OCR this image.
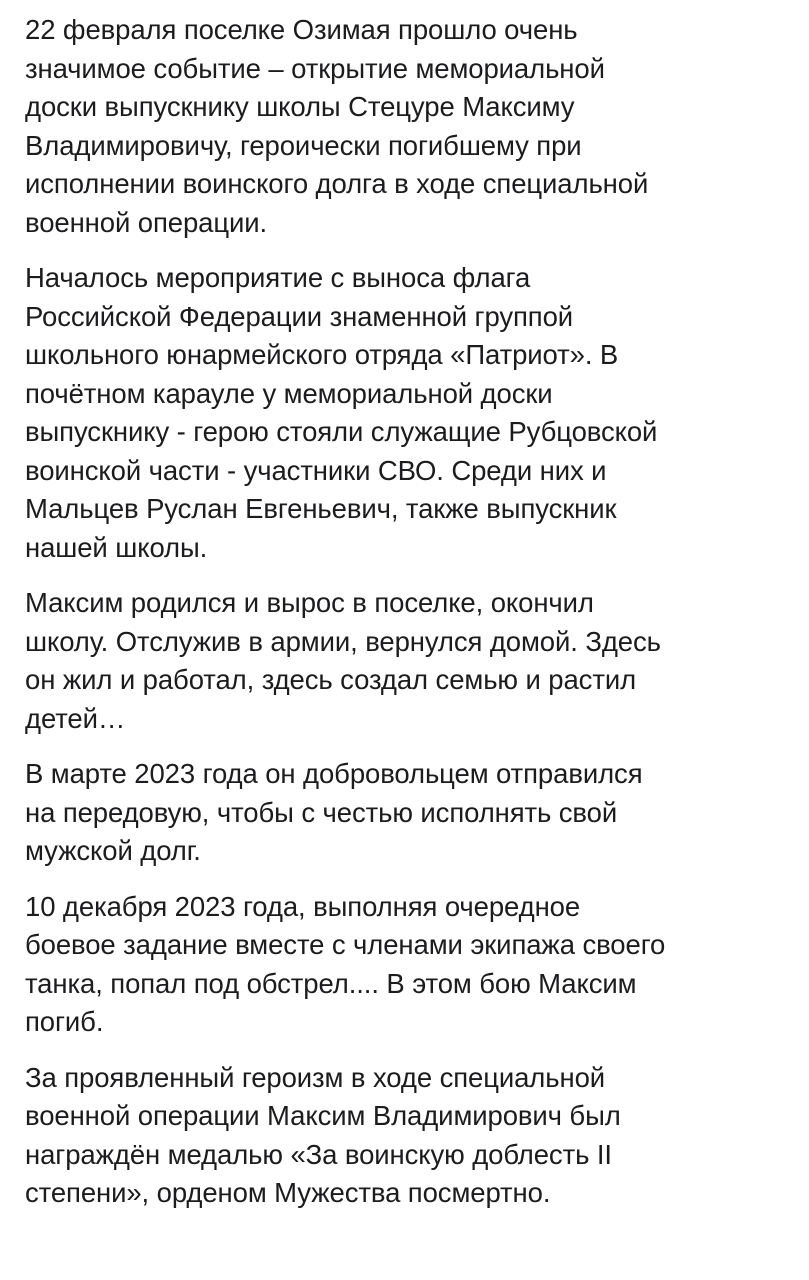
22 февраля поселке Озимая прошло очень
значимое событие – открытие мемориальной
доски выпускнику школы Стецуре Максиму
Владимировичу, героически погибшему при
исполнении воинского долга в ходе специальной
военной операции.

Началось мероприятие с выноса флага
Российской Федерации знаменной группой
школьного юнармейского отряда «Патриот». В
почётном карауле у мемориальной доски
выпускнику - герою стояли служащие Рубцовской
воинской части - участники СВО. Среди них и
Мальцев Руслан Евгеньевич, также выпускник
нашей школы.

Максим родился и вырос в поселке, окончил
школу. Отслужив в армии, вернулся домой. Здесь
он жил и работал, здесь создал семью и растил
детей…

В марте 2023 года он добровольцем отправился
на передовую, чтобы с честью исполнять свой
мужской долг.

10 декабря 2023 года, выполняя очередное
боевое задание вместе с членами экипажа своего
танка, попал под обстрел.... В этом бою Максим
погиб.

За проявленный героизм в ходе специальной
военной операции Максим Владимирович был
награждён медалью «За воинскую доблесть II
степени», орденом Мужества посмертно.
